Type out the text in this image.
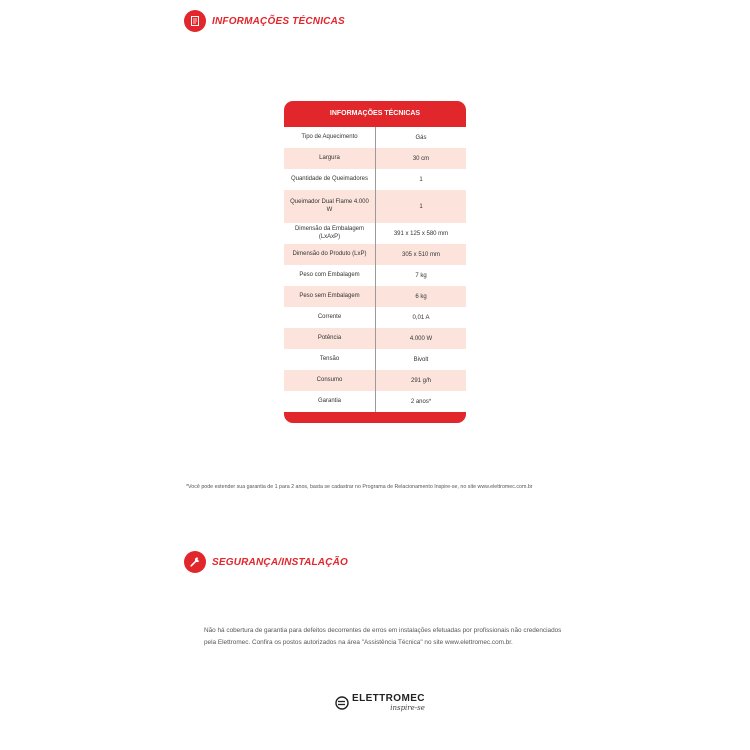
INFORMAÇÕES TÉCNICAS
INFORMAÇÕES TÉCNICAS
Tipo de Aquecimento	Gás
Largura	30 cm
Quantidade de Queimadores	1
Queimador Dual Flame 4.000 W	1
Dimensão da Embalagem (LxAxP)	391 x 125 x 580 mm
Dimensão do Produto (LxP)	305 x 510 mm
Peso com Embalagem	7 kg
Peso sem Embalagem	6 kg
Corrente	0,01 A
Potência	4.000 W
Tensão	Bivolt
Consumo	291 g/h
Garantia	2 anos*
*Você pode estender sua garantia de 1 para 2 anos, basta se cadastrar no Programa de Relacionamento Inspire-se, no site www.elettromec.com.br
SEGURANÇA/INSTALAÇÃO
Não há cobertura de garantia para defeitos decorrentes de erros em instalações efetuadas por profissionais não credenciados pela Elettromec. Confira os postos autorizados na área "Assistência Técnica" no site www.elettromec.com.br.
ELETTROMEC
inspire-se
